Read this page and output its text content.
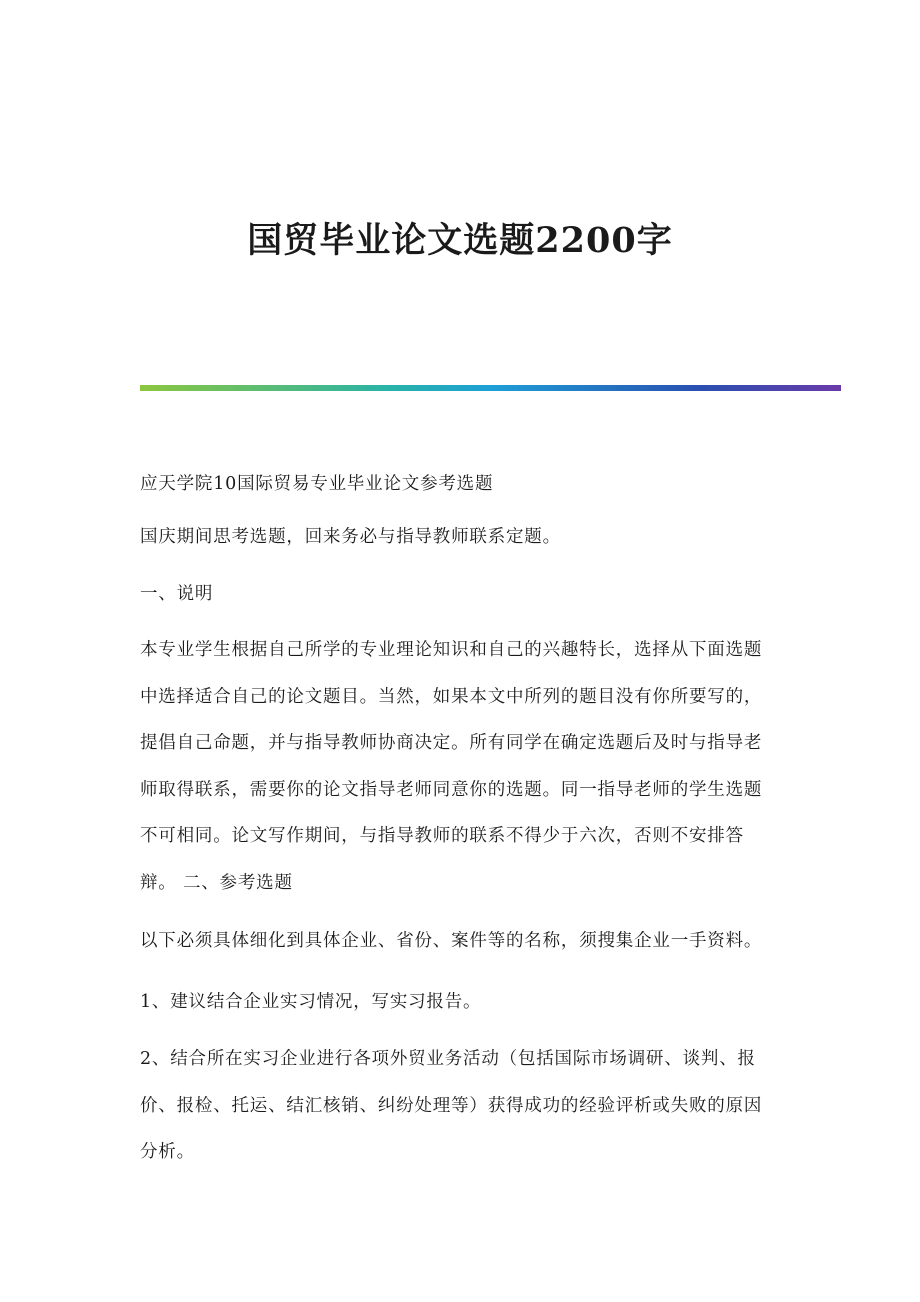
国贸毕业论文选题2200字

应天学院10国际贸易专业毕业论文参考选题

国庆期间思考选题，回来务必与指导教师联系定题。

一、说明

本专业学生根据自己所学的专业理论知识和自己的兴趣特长，选择从下面选题中选择适合自己的论文题目。当然，如果本文中所列的题目没有你所要写的，提倡自己命题，并与指导教师协商决定。所有同学在确定选题后及时与指导老师取得联系，需要你的论文指导老师同意你的选题。同一指导老师的学生选题不可相同。论文写作期间，与指导教师的联系不得少于六次，否则不安排答辩。 二、参考选题

以下必须具体细化到具体企业、省份、案件等的名称，须搜集企业一手资料。

1、建议结合企业实习情况，写实习报告。

2、结合所在实习企业进行各项外贸业务活动（包括国际市场调研、谈判、报价、报检、托运、结汇核销、纠纷处理等）获得成功的经验评析或失败的原因分析。
